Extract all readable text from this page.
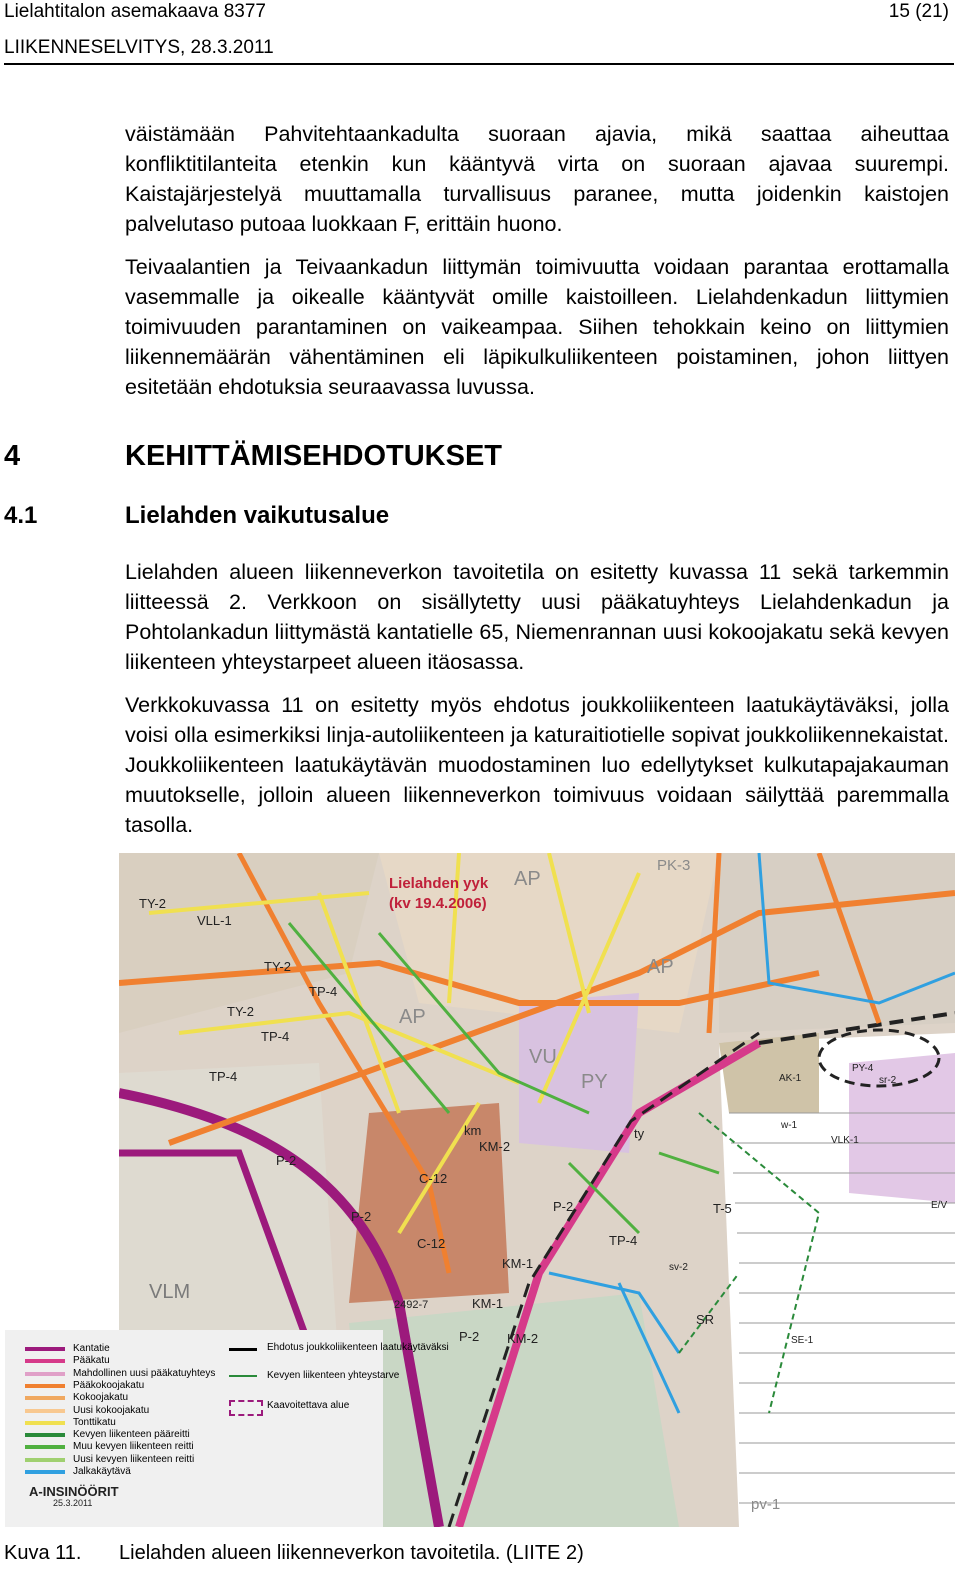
Lielahtitalon asemakaava 8377
LIIKENNESELVITYS, 28.3.2011
15 (21)

väistämään Pahvitehtaankadulta suoraan ajavia, mikä saattaa aiheuttaa konfliktitilanteita etenkin kun kääntyvä virta on suoraan ajavaa suurempi. Kaistajärjestelyä muuttamalla turvallisuus paranee, mutta joidenkin kaistojen palvelutaso putoaa luokkaan F, erittäin huono.

Teivaalantien ja Teivaankadun liittymän toimivuutta voidaan parantaa erottamalla vasemmalle ja oikealle kääntyvät omille kaistoilleen. Lielahdenkadun liittymien toimivuuden parantaminen on vaikeampaa. Siihen tehokkain keino on liittymien liikennemäärän vähentäminen eli läpikulkuliikenteen poistaminen, johon liittyen esitetään ehdotuksia seuraavassa luvussa.

4	KEHITTÄMISEHDOTUKSET
4.1	Lielahden vaikutusalue

Lielahden alueen liikenneverkon tavoitetila on esitetty kuvassa 11 sekä tarkemmin liitteessä 2. Verkkoon on sisällytetty uusi pääkatuyhteys Lielahdenkadun ja Pohtolankadun liittymästä kantatielle 65, Niemenrannan uusi kokoojakatu sekä kevyen liikenteen yhteystarpeet alueen itäosassa.

Verkkokuvassa 11 on esitetty myös ehdotus joukkoliikenteen laatukäytäväksi, jolla voisi olla esimerkiksi linja-autoliikenteen ja katuraitiotielle sopivat joukkoliikennekaistat. Joukkoliikenteen laatukäytävän muodostaminen luo edellytykset kulkutapajakauman muutokselle, jolloin alueen liikenneverkon toimivuus voidaan säilyttää paremmalla tasolla.

Lielahden yyk
(kv 19.4.2006)
TY-2
VLL-1
TY-2
TP-4
TY-2
TP-4
TP-4
AP
AP
AP
VU
PY
km
KM-2
P-2
C-12
C-12
P-2
TP-4
KM-1
KM-1
ty
T-5
VLK-1
w-1
E/V
SE-1
sv-2
SR
pv-1
VLM
PK-3
KM-2
P-2
P-2
2492-7
AK-1
PY-4
sr-2
Kantatie
Pääkatu
Mahdollinen uusi pääkatuyhteys
Pääkokoojakatu
Kokoojakatu
Uusi kokoojakatu
Tonttikatu
Kevyen liikenteen pääreitti
Muu kevyen liikenteen reitti
Uusi kevyen liikenteen reitti
Jalkakäytävä
Ehdotus joukkoliikenteen laatukäytäväksi
Kevyen liikenteen yhteystarve
Kaavoitettava alue
A-INSINÖÖRIT
25.3.2011
Kuva 11. Lielahden alueen liikenneverkon tavoitetila. (LIITE 2)
